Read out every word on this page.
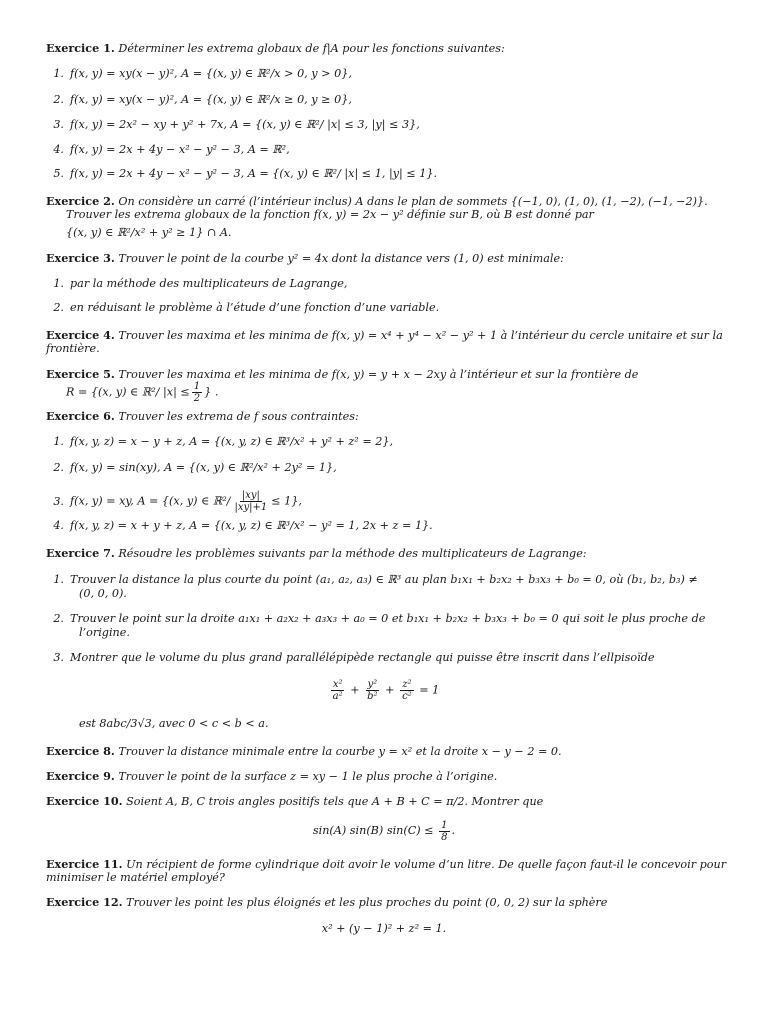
Exercice 1. Déterminer les extrema globaux de f|A pour les fonctions suivantes:
1. f(x, y) = xy(x − y)², A = {(x, y) ∈ ℝ²/x > 0, y > 0},
2. f(x, y) = xy(x − y)², A = {(x, y) ∈ ℝ²/x ≥ 0, y ≥ 0},
3. f(x, y) = 2x² − xy + y² + 7x, A = {(x, y) ∈ ℝ²/ |x| ≤ 3, |y| ≤ 3},
4. f(x, y) = 2x + 4y − x² − y² − 3, A = ℝ²,
5. f(x, y) = 2x + 4y − x² − y² − 3, A = {(x, y) ∈ ℝ²/ |x| ≤ 1, |y| ≤ 1}.
Exercice 2. On considère un carré (l’intérieur inclus) A dans le plan de sommets {(−1, 0), (1, 0), (1, −2), (−1, −2)}.
Trouver les extrema globaux de la fonction f(x, y) = 2x − y² définie sur B, où B est donné par
{(x, y) ∈ ℝ²/x² + y² ≥ 1} ∩ A.
Exercice 3. Trouver le point de la courbe y² = 4x dont la distance vers (1, 0) est minimale:
1. par la méthode des multiplicateurs de Lagrange,
2. en réduisant le problème à l’étude d’une fonction d’une variable.
Exercice 4. Trouver les maxima et les minima de f(x, y) = x⁴ + y⁴ − x² − y² + 1 à l’intérieur du cercle unitaire et sur la
frontière.
Exercice 5. Trouver les maxima et les minima de f(x, y) = y + x − 2xy à l’intérieur et sur la frontière de
R = {(x, y) ∈ ℝ²/ $|x| \le \frac{1}{2}$ } .
Exercice 6. Trouver les extrema de f sous contraintes:
1. f(x, y, z) = x − y + z, A = {(x, y, z) ∈ ℝ³/x² + y² + z² = 2},
2. f(x, y) = sin(xy), A = {(x, y) ∈ ℝ²/x² + 2y² = 1},
3. f(x, y) = xy, A = {(x, y) ∈ ℝ²/ $\frac{|xy|}{|xy|+1} \le 1$},
4. f(x, y, z) = x + y + z, A = {(x, y, z) ∈ ℝ³/x² − y² = 1, 2x + z = 1}.
Exercice 7. Résoudre les problèmes suivants par la méthode des multiplicateurs de Lagrange:
1. Trouver la distance la plus courte du point (a₁, a₂, a₃) ∈ ℝ³ au plan b₁x₁ + b₂x₂ + b₃x₃ + b₀ = 0, où (b₁, b₂, b₃) ≠
(0, 0, 0).
2. Trouver le point sur la droite a₁x₁ + a₂x₂ + a₃x₃ + a₀ = 0 et b₁x₁ + b₂x₂ + b₃x₃ + b₀ = 0 qui soit le plus proche de
l’origine.
3. Montrer que le volume du plus grand parallélépipède rectangle qui puisse être inscrit dans l’ellpisoïde
$\frac{\text{x²}}{\text{a²}} + \frac{\text{y²}}{\text{b²}} + \frac{\text{z²}}{\text{c²}} = 1$
est 8abc/3√3, avec 0 < c < b < a.
Exercice 8. Trouver la distance minimale entre la courbe y = x² et la droite x − y − 2 = 0.
Exercice 9. Trouver le point de la surface z = xy − 1 le plus proche à l’origine.
Exercice 10. Soient A, B, C trois angles positifs tels que A + B + C = π/2. Montrer que
sin(A) sin(B) $\sin(C) \le \frac{1}{8}$ .
Exercice 11. Un récipient de forme cylindrique doit avoir le volume d’un litre. De quelle façon faut-il le concevoir pour
minimiser le matériel employé?
Exercice 12. Trouver les point les plus éloignés et les plus proches du point (0, 0, 2) sur la sphère
x² + (y − 1)² + z² = 1.
